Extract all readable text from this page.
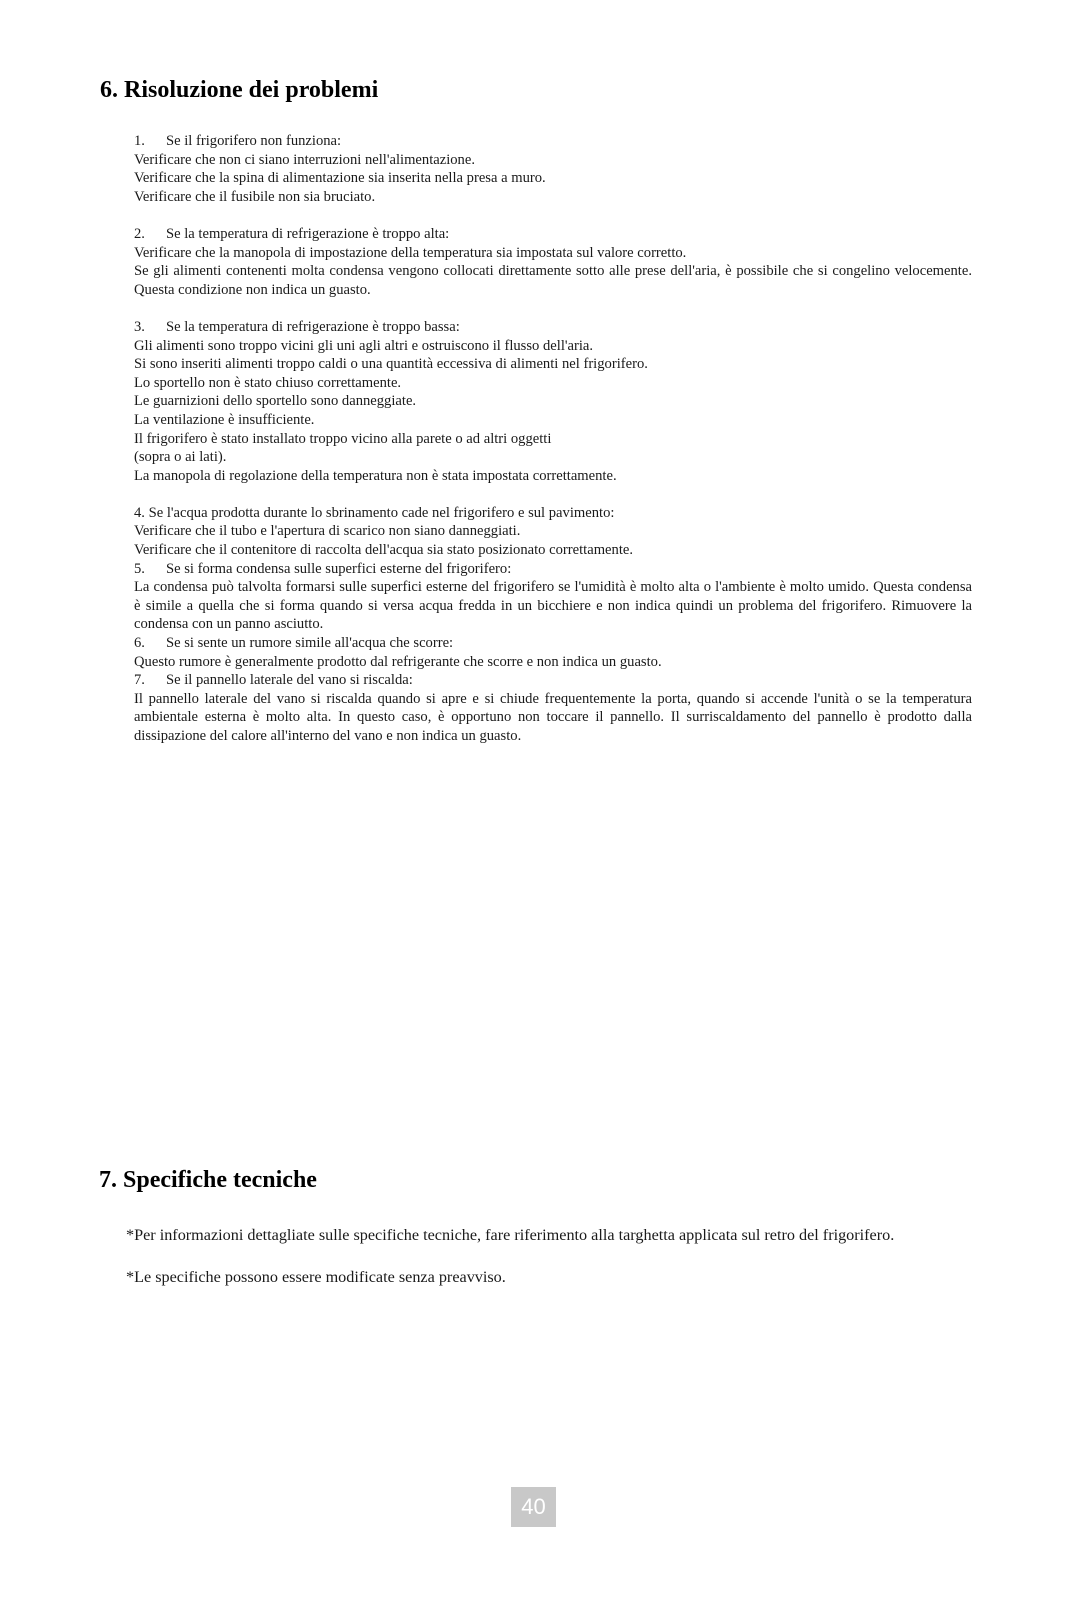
6. Risoluzione dei problemi
1. Se il frigorifero non funziona:
Verificare che non ci siano interruzioni nell'alimentazione.
Verificare che la spina di alimentazione sia inserita nella presa a muro.
Verificare che il fusibile non sia bruciato.
2. Se la temperatura di refrigerazione è troppo alta:
Verificare che la manopola di impostazione della temperatura sia impostata sul valore corretto.
Se gli alimenti contenenti molta condensa vengono collocati direttamente sotto alle prese dell'aria, è possibile che si congelino velocemente. Questa condizione non indica un guasto.
3. Se la temperatura di refrigerazione è troppo bassa:
Gli alimenti sono troppo vicini gli uni agli altri e ostruiscono il flusso dell'aria.
Si sono inseriti alimenti troppo caldi o una quantità eccessiva di alimenti nel frigorifero.
Lo sportello non è stato chiuso correttamente.
Le guarnizioni dello sportello sono danneggiate.
La ventilazione è insufficiente.
Il frigorifero è stato installato troppo vicino alla parete o ad altri oggetti
(sopra o ai lati).
La manopola di regolazione della temperatura non è stata impostata correttamente.
4. Se l'acqua prodotta durante lo sbrinamento cade nel frigorifero e sul pavimento:
Verificare che il tubo e l'apertura di scarico non siano danneggiati.
Verificare che il contenitore di raccolta dell'acqua sia stato posizionato correttamente.
5. Se si forma condensa sulle superfici esterne del frigorifero:
La condensa può talvolta formarsi sulle superfici esterne del frigorifero se l'umidità è molto alta o l'ambiente è molto umido. Questa condensa è simile a quella che si forma quando si versa acqua fredda in un bicchiere e non indica quindi un problema del frigorifero. Rimuovere la condensa con un panno asciutto.
6. Se si sente un rumore simile all'acqua che scorre:
Questo rumore è generalmente prodotto dal refrigerante che scorre e non indica un guasto.
7. Se il pannello laterale del vano si riscalda:
Il pannello laterale del vano si riscalda quando si apre e si chiude frequentemente la porta, quando si accende l'unità o se la temperatura ambientale esterna è molto alta. In questo caso, è opportuno non toccare il pannello. Il surriscaldamento del pannello è prodotto dalla dissipazione del calore all'interno del vano e non indica un guasto.
7. Specifiche tecniche

*Per informazioni dettagliate sulle specifiche tecniche, fare riferimento alla targhetta applicata sul retro del frigorifero.

*Le specifiche possono essere modificate senza preavviso.

40
